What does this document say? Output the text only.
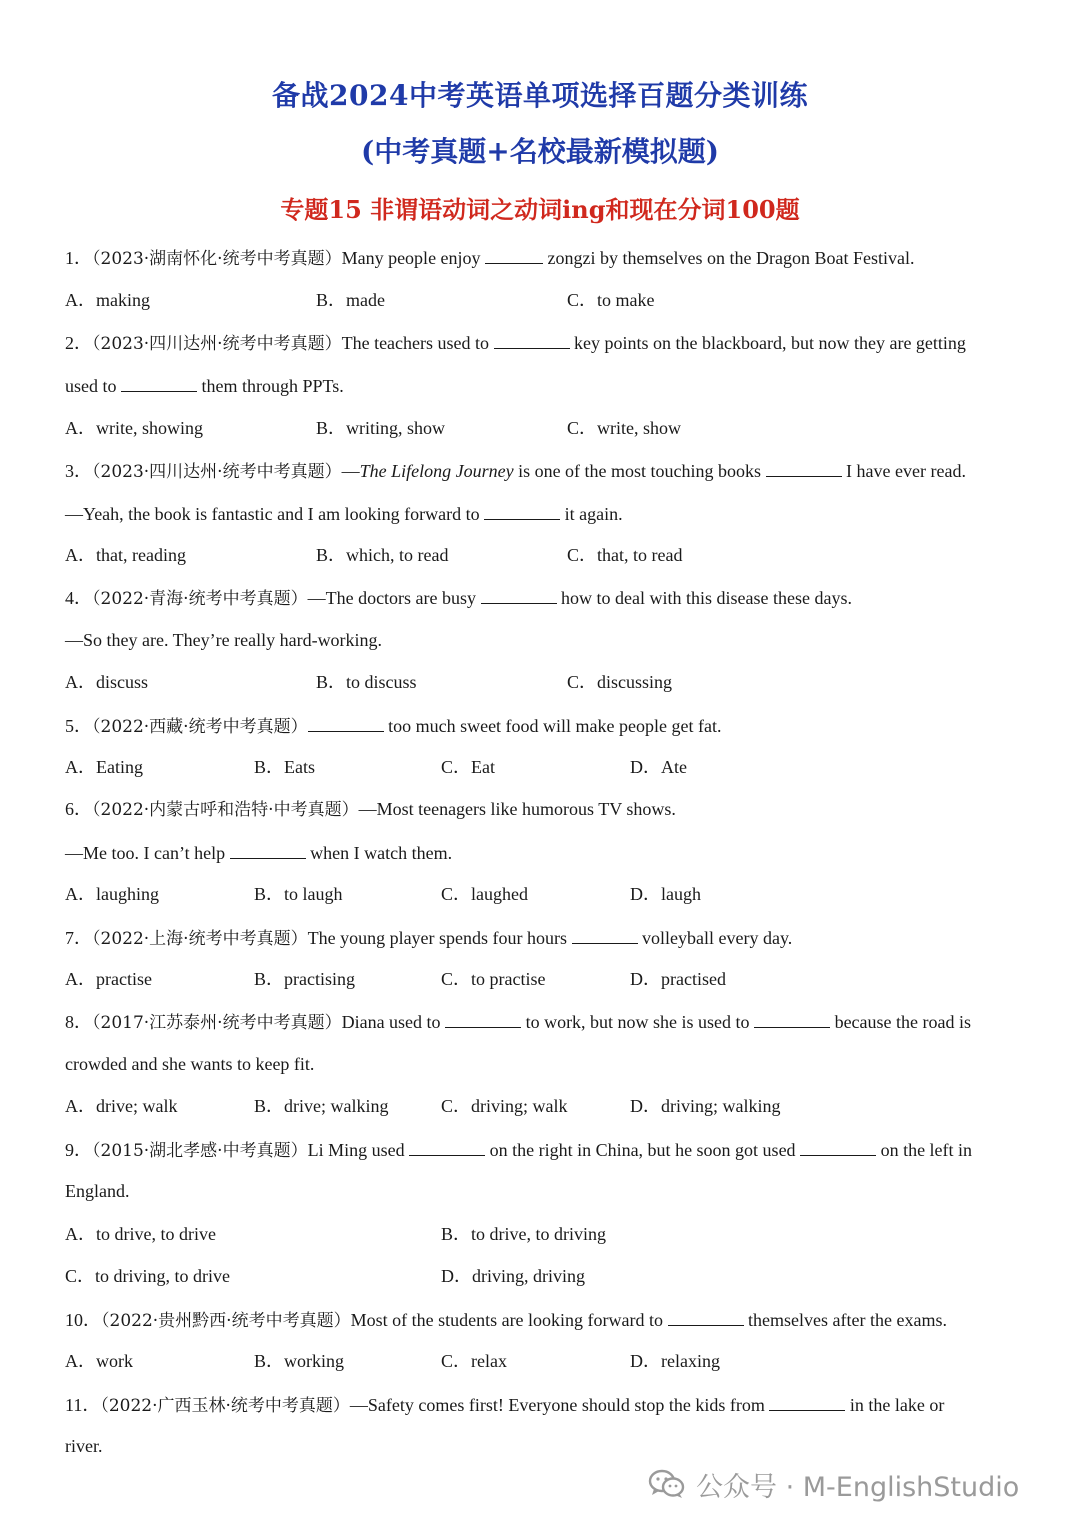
备战2024中考英语单项选择百题分类训练
(中考真题+名校最新模拟题)
专题15 非谓语动词之动词ing和现在分词100题
1．（2023·湖南怀化·统考中考真题）Many people enjoy	zongzi by themselves on the Dragon Boat Festival.
A．making	B．made	C．to make
2．（2023·四川达州·统考中考真题）The teachers used to	key points on the blackboard, but now they are getting
used to	them through PPTs.
A．write, showing	B．writing, show	C．write, show
3．（2023·四川达州·统考中考真题）—The Lifelong Journey is one of the most touching books	I have ever read.
—Yeah, the book is fantastic and I am looking forward to	it again.
A．that, reading	B．which, to read	C．that, to read
4．（2022·青海·统考中考真题）—The doctors are busy	how to deal with this disease these days.
—So they are. They’re really hard-working.
A．discuss	B．to discuss	C．discussing
5．（2022·西藏·统考中考真题）	too much sweet food will make people get fat.
A．Eating	B．Eats	C．Eat	D．Ate
6．（2022·内蒙古呼和浩特·中考真题）—Most teenagers like humorous TV shows.
—Me too. I can’t help	when I watch them.
A．laughing	B．to laugh	C．laughed	D．laugh
7．（2022·上海·统考中考真题）The young player spends four hours	volleyball every day.
A．practise	B．practising	C．to practise	D．practised
8．（2017·江苏泰州·统考中考真题）Diana used to	to work, but now she is used to	because the road is
crowded and she wants to keep fit.
A．drive; walk	B．drive; walking	C．driving; walk	D．driving; walking
9．（2015·湖北孝感·中考真题）Li Ming used	on the right in China, but he soon got used	on the left in
England.
A．to drive, to drive	B．to drive, to driving
C．to driving, to drive	D．driving, driving
10．（2022·贵州黔西·统考中考真题）Most of the students are looking forward to	themselves after the exams.
A．work	B．working	C．relax	D．relaxing
11．（2022·广西玉林·统考中考真题）—Safety comes first! Everyone should stop the kids from	in the lake or
river.
公众号 · M-EnglishStudio
